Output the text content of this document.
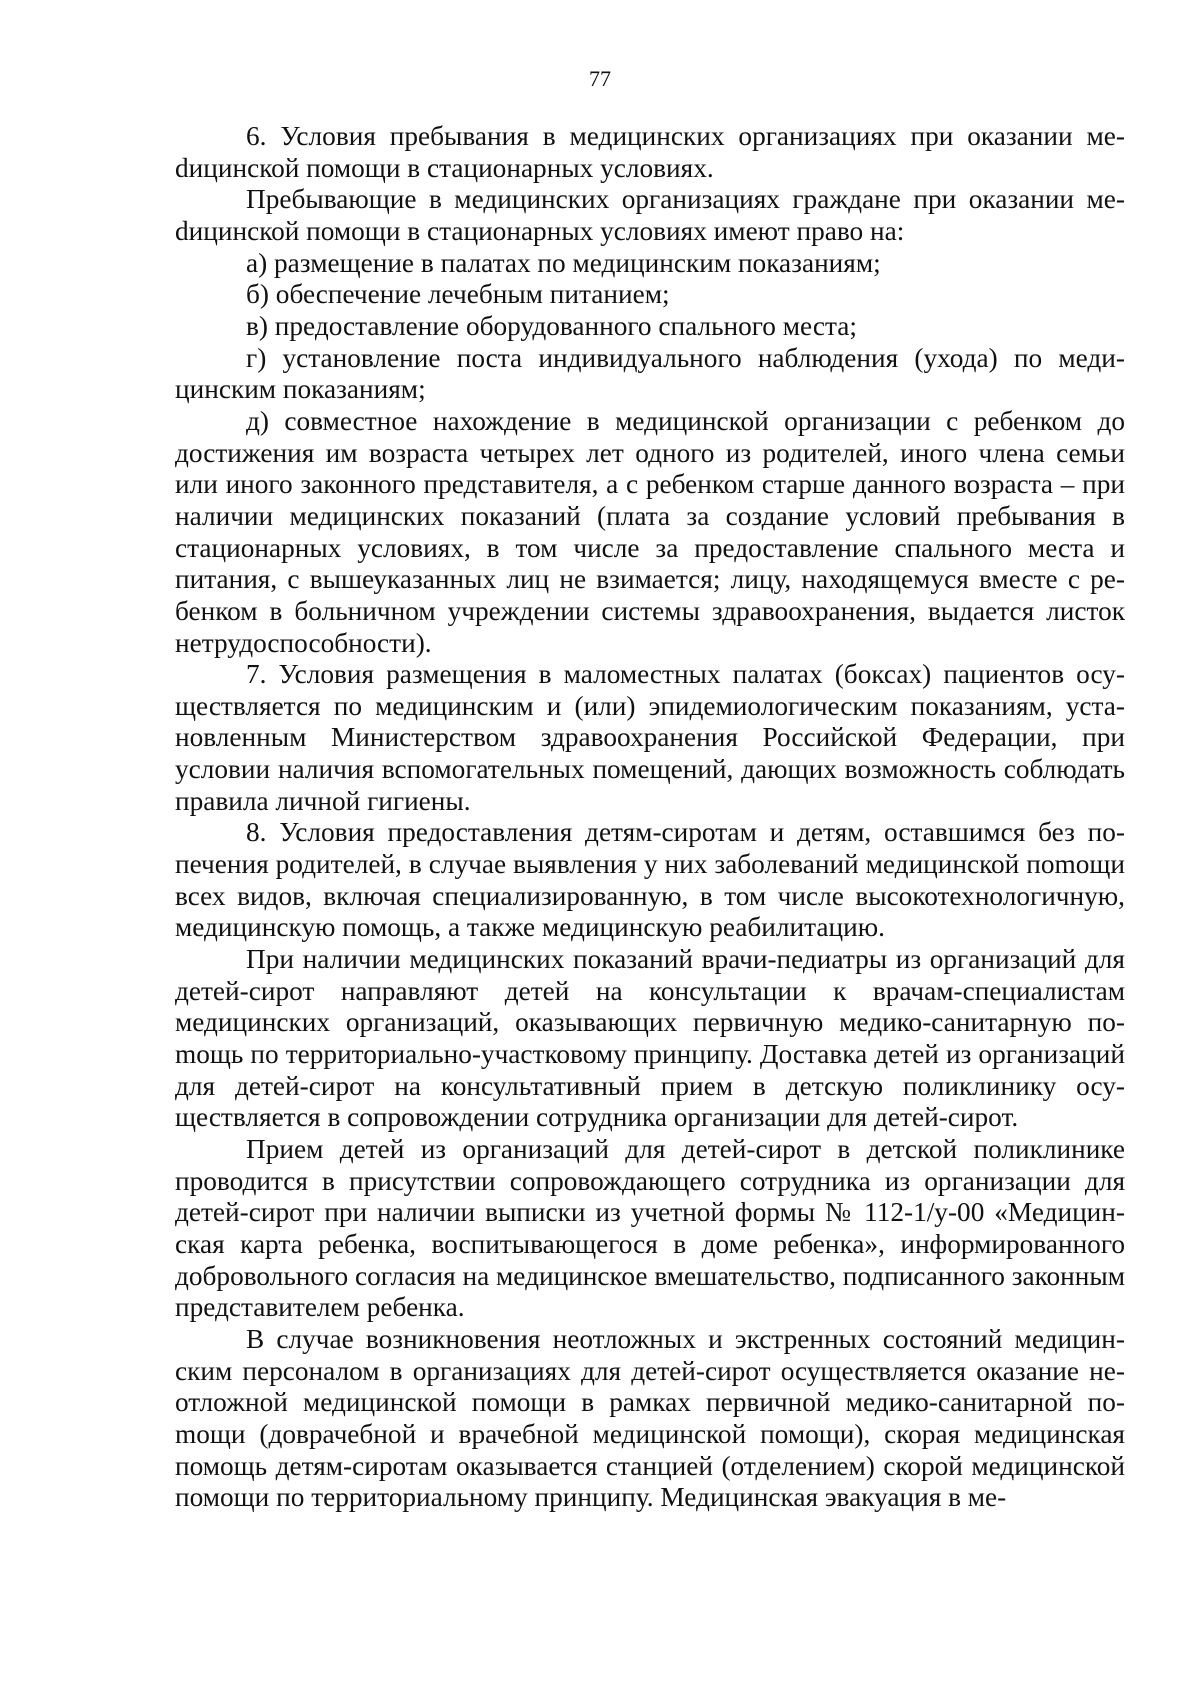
77

6. Условия пребывания в медицинских организациях при оказании меdицинской помощи в стационарных условиях.

Пребывающие в медицинских организациях граждане при оказании меdицинской помощи в стационарных условиях имеют право на:

а) размещение в палатах по медицинским показаниям;

б) обеспечение лечебным питанием;

в) предоставление оборудованного спального места;

г) установление поста индивидуального наблюдения (ухода) по медицинским показаниям;

д) совместное нахождение в медицинской организации с ребенком до достижения им возраста четырех лет одного из родителей, иного члена семьи или иного законного представителя, а с ребенком старше данного возраста – при наличии медицинских показаний (плата за создание условий пребывания в стационарных условиях, в том числе за предоставление спального места и питания, с вышеуказанных лиц не взимается; лицу, находящемуся вместе с ребенком в больничном учреждении системы здравоохранения, выдается листок нетрудоспособности).

7. Условия размещения в маломестных палатах (боксах) пациентов осуществляется по медицинским и (или) эпидемиологическим показаниям, установленным Министерством здравоохранения Российской Федерации, при условии наличия вспомогательных помещений, дающих возможность соблюдать правила личной гигиены.

8. Условия предоставления детям-сиротам и детям, оставшимся без попечения родителей, в случае выявления у них заболеваний медицинской поmощи всех видов, включая специализированную, в том числе высокотехнологичную, медицинскую помощь, а также медицинскую реабилитацию.

При наличии медицинских показаний врачи-педиатры из организаций для детей-сирот направляют детей на консультации к врачам-специалистам медицинских организаций, оказывающих первичную медико-санитарную поmощь по территориально-участковому принципу. Доставка детей из организаций для детей-сирот на консультативный прием в детскую поликлинику осуществляется в сопровождении сотрудника организации для детей-сирот.

Прием детей из организаций для детей-сирот в детской поликлинике проводится в присутствии сопровождающего сотрудника из организации для детей-сирот при наличии выписки из учетной формы № 112-1/у-00 «Медицинская карта ребенка, воспитывающегося в доме ребенка», информированного добровольного согласия на медицинское вмешательство, подписанного законным представителем ребенка.

В случае возникновения неотложных и экстренных состояний медицинским персоналом в организациях для детей-сирот осуществляется оказание неотложной медицинской помощи в рамках первичной медико-санитарной поmощи (доврачебной и врачебной медицинской помощи), скорая медицинская помощь детям-сиротам оказывается станцией (отделением) скорой медицинской помощи по территориальному принципу. Медицинская эвакуация в ме-
